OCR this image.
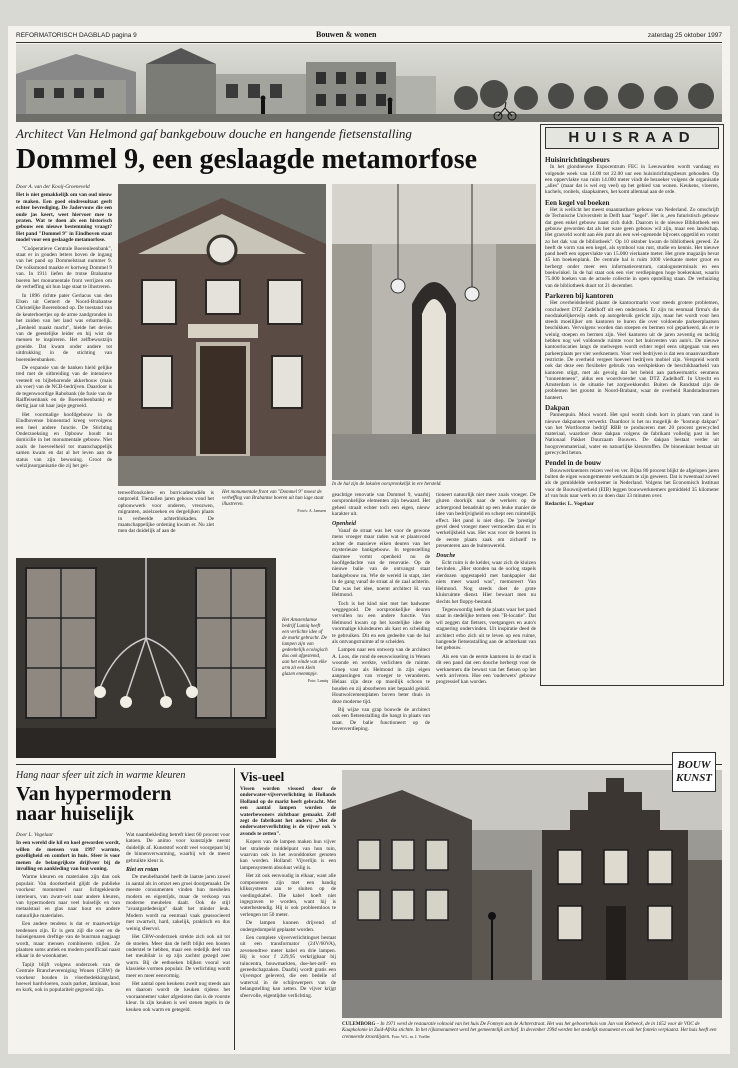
REFORMATORISCH DAGBLAD pagina 9	Bouwen & wonen	zaterdag 25 oktober 1997
Architect Van Helmond gaf bankgebouw douche en hangende fietsenstalling
Dommel 9, een geslaagde metamorfose

Door A. van der Kooij-Groeneveld

Het is niet gemakkelijk om van oud nieuw te maken. Een goed eindresultaat geeft echter bevrediging. De Jadervouw die een oude jas keert, weet hiervoer mee te praten. Wat te doen als een historisch gebouw een nieuwe bestemming vraagt? Het pand "Dommel 9" in Eindhoven staat model voor een geslaagde metamorfose.

"Coöperatieve Centrale Boerenleenbank", staat er in gouden letters boven de ingang van het pand op Dommelstraat nummer 9. De volksmond maakte er kortweg Dommel 9 van. In 1911 liefen de trotse Brabantse boeren het monumentale front verrijzen om de verheffing uit hun lage staat te illustreren.

In 1896 richtte pater Gerlacus van den Elsen uit Gemert de Noord-Brabantse Christelijke Boerenbond op. De toestand van de keuterboertjes op de arme zandgronden in het zuiden van het land was erbarmelijk. „Eenheid maakt macht", hielde het devies van de geestelijke leider en hij wist de mensen te inspireren. Het zelfbewustzijn groeide. Dat kwam onder andere tot uitdrukking in de stichting van boerenleenbanken.

De expansie van de banken hield gelijke tred met de uitbreiding van de intensieve veeteelt en bijbehorende akkerbouw (mais als voer) van de NCB-bedrijven. Daardoor is de tegenwoordige Rabobank (de fusie van de Raiffeisenbank en de Boerenleenbank) er dertig jaar uit haar jasje gegroeid.

Het voormalige hoofdgebouw in de Eindhovense binnenstad kreeg vervolgens een heel andere functie. De Stichting Onderzoeksing en Opbouw houdt nu domicilie in het monumentale gebouw. Niet zoals de hoeveelheid tot maatschappelijk samen kwam en dat al het leven aan de status van zijn bewoning. Groot de welzijnsorganisatie die zij het gei-

In de hal zijn de lokalen oorspronkelijk in ere hersteld.

tenwelfonskolen- en burricadestudiën is ontproeld. Tientallen jaren gebouw vond het opbouwwerk voor onderen, vreozwen, migranten, asielzoeken en dergelijken plaats in verbeelde achterblokaden. De maatschappelijke ordening kwam er. Nu ziet men dat duidelijk af aan de

Het monumentale front van "Dommel 9" moest de verheffing van Brabantse boeren uit hun lage staat illustreren.
Foto's: A. Janssen

geachtige renovatie van Dommel 9, waarbij oorspronkelijke elementen zijn bewaard. Het geheel straalt echter toch een eigen, nieuw karakter uit.

Openheid

Vanaf de straat was het voor de gewone mens vroeger maar raden wat er plaatsvond achter de massieve eiken deuren van het mysterieuze bankgebouw. In tegenstelling daarmee vormt openheid nu de hoofdgedachte van de renovatie. Op de nieuwe balie van de ontvangst staat bankgebouw nu. Wie de wereld in stapt, ziet in de gang vanaf de straat al de zaal achterin. Dat was het idee, noemt architect H. van Helmond.

Toch is het kind niet met het badwater weggegooid. De oorspronkelijke deuren vervullen nu een andere functie. Van Helmond kwam op het kostelijke idee de voormalige kluisdeuren als kast en scheiding te gebruiken. Dit en een gedeelte van de hal als ontvangstruimte af te scheiden.

Lampen naar een ontwerp van de architect A. Loos, die rond de eeuwwisseling in Wenen woonde en werkte, verlichten de ruimte. Groep vast als Helmond in zijn eigen aanpassingen van vroeger te veranderen. Helaas zijn deze op moeilijk schoon te houden en zij absorberen niet bepaald geluid. Houtwolcementplaten boven beter thuis in deze moderne tijd.

Bij wijze van grap bouwde de architect ook een fietsenstalling die hangt in plaats van staat. De balie functioneert op de bovenverdieping.

tioneert natuurlijk niet meer zoals vroeger. De gluren doorkijk naar de werkers op de achtergrond benadrukt op een leuke manier de idee van bedrijvigheid en schept een ruimtelijk effect. Het pand is niet diep. De 'prestige' gevel deed vroeger meer vermoeden dan er in werkelijkheid was. Het was voor de boeren in de eerste plaats zaak om zichzelf te presenteren aan de buitenwereld.

Douche

Echt ruim is de kelder, waar zich de kluizen bevinden. „Hier stonden na de oorlog stapels eierdozen opgestapeld met bankpapier dat niets meer waard was", memoreert Van Helmond. Nog steeds doet de grote kluisruimte dienst. Hier bewaart men nu slechts het floppy-bestand.

Tegenwoordig heeft de plaats waar het pand staat in stedelijke termen een "B-locatie". Dat wil zeggen dat fietsers, voetgangers en auto's stagnering ondervinden. Uit inspiratie deed de architect erbo zich uit te leven op een ruime, hangende fietsenstalling aan de achterkant van het gebouw.

Als een van de eerste kantoren in de stad is dit een pand dat een douche herbergt voor de werknemers die bewust van het fietsen op het werk arriveren. Hoe een 'ouderwets' gebouw progressief kan worden.

Het Amsterdamse bedrijf Lumiq heeft een verlichte idee of de markt gebracht. De lampen zijn van gedeeltelijk ecologisch dus ook afgestemd, aan het einde van elke arm zit een klein glazen enemmpje.
Foto: Lumiq
HUISRAAD
Huisinrichtingsbeurs

In het glondneuwe Expocentrum FEC in Leeuwarden wordt vandaag en volgende week van 14.00 tot 22.00 uur een huisinrichtingsbeurs gehouden. Op een oppervlakte van ruim 14.000 meter vindt de bezoeker volgens de organisatie „alles" (maar dat is wel erg veel) op het gebied van wonen. Keukens, vloeren, kachels, ronbels, slaapkamers, het komt allemaal aan de orde.

Een kegel vol boeken

Het is wellicht het meest onaantastbare gebouw van Nederland. Zo omschrijft de Technische Universiteit in Delft haar "kegel". Het is „een futuristisch gebouw dat geen enkel gebouw naast zich duldt. Daarom is de nieuwe Bibliotheek een gebouw geworden dat als het ware geen gebouw wil zijn, maar een landschap. Het grasveld wordt aan één punt als een wel-ogenende bijvoets opgetild en vormt zo het dak van de bibliotheek". Op 10 oktober kwam de bibliotheek gereed. Ze heeft de vorm van een kegel, als symbool van rust, studie en kennis. Het nieuwe pand heeft een oppervlakte van 15.000 vierkante meter. Het grote magazijn bevat 45 km boekenplank. De centrale hal is ruim 1000 vierkante meter groot en herbergt onder meer een informatiecentrum, catalogusterminals en een boekwinkel. In de hal staat ook een vier verdiepingen hoge boekenkast, waarin 75.000 boeken van de actuele collectie in open opstelling staan. De verhuizing van de bibliotheek duurt tot 21 december.

Parkeren bij kantoren

Het overheidsbeleid plaatst de kantoormarkt voor steeds grotere problemen, concludeert DTZ Zadelhoff uit een onderzoek. Er zijn nu eenmaal firma's die noodzakelijkerwijs sterk op autogebruik gericht zijn, maar het wordt voor hen steeds moeilijker om kantoren te huren die over voldoende parkeerplaatsen beschikken. Vervolgens worden dan stoepen en bermen vol geparkeerd, als er te weinig stoepen en bermen zijn. Veel kantoren uit de jaren zeventig en tachtig hebben nog wel voldoende ruimte voor het huisvesten van auto's. De nieuwe kantoorlocaties langs de snelwegen wordt echter regel eens uitgegaan van een parkeerplaats per vier werknemers. Voor veel bedrijven is dat een onaanvaardbare restrictie. De overheid vergeet hoeveel bedrijven mobiel zijn. Verspreid wordt ook dat deze een flexibeler gebruik van werkplekken de beschikbaarheid van kantoren stijgt, met als gevolg dat het beleid aan parkeermatrix eenmens "tonnenteneen", aldus een woordvoerder van DTZ Zadelhoff. In Utrecht en Amsterdam is de situatie het zorgwekkendst. Buiten de Randstad zijn de problemen het grootst in Noord-Brabant, waar de overheid Randstadnormen hanteert.

Dakpan

Pannenpuin. Mooi woord. Het spul wordt sinds kort in plaats van zand in nieuwe dakpannen verwerkt. Daardoor is het nu mogelijk de "kostuup dakpan" van het Wortfoortse bedrijf RBB te produceren met 20 procent gerecycled materiaal, waardoor deze dakpan volgens de fabrikant volledig past in het Nationaal Pakket Duurzaam Bouwen. De dakpan bestaat verder uit hoogovenmateriaal, water en natuurlijke kleurstoffen. De binnenkant bestaat uit gerecycled beton.

Pendel in de bouw

Bouwwerknemers reizen veel en ver. Bijna 80 procent blijkt de afgelopen jaren buiten de eigen woongemeente werkzaam te zijn geweest. Dat is tweemaal zoveel als de gemiddelde werknemer in Nederland. Volgens het Economisch Instituut voor de Bouwnijverheid (EIB) leggen bouwwerknemers gemiddeld 35 kilometer af van huis naar werk en zo doen daar 33 minuten over.

Redactie: L. Vogelaar

Hang naar sfeer uit zich in warme kleuren
Van hypermodern
naar huiselijk

Door L. Vogelaar

In een wereld die kil en koel geworden wordt, willen de mensen van 1997 warmte, gezelligheid en comfort in huis. Sfeer is voor menen de belangrijkste drijfveer bij de invulling en aankleding van hun woning.

Warme kleuren en materialen zijn dan ook populair. Van doorkerheid glijdt de publieke voorkeur momenteel naar lichtgekleurde interieurs, van zwart-wit naar andere kleuren, van hypermodern naar veel huiselijk en van metaalstaal en glas naar hout en andere natuurlijke materialen.

Een andere tendens is dat er maatwerkige tendensen zijn. Er is gem zijl die ooer en de huiseigenaren dreftige van de buurman nagjaagt wordt, maar mensen combineren stijlen. Ze plaatsen soms antiek en modern pontificaal naast elkaar in de woonkamer.

Tapijt blijft volgens onderzoek van de Centrale Branchevereniging Wonen (CBW) de voorkeur houden in vloerbedekkingsland, hoewel hardvloeren, zoals parket, laminaat, hout en kurk, ook in populariteit gegroeid zijn.

Wat naambekleding betreft kiest 60 procent voor katoen. De animo voor kunstzijde neemt duidelijk af. Kunststof wordt veel voorgepast bij de binnenverwarming, waarbij wit de meest gebruikte kleur is.

Riet en rotan

De meubelhandel heeft de laatste jaren zowel in aantal als in omzet een groei doorgemaakt. De meeste consumenten vinden hun meubelen modern en eigentijds, maar de verkoop van moderne meubelen daalt. Ook de stijl "avantgardedesign" daalt het minder leuk. Modern wordt na eenmaal vaak geassocieerd met zwartwit, hard, zakelijk, praktisch en dus weinig sfeervol.

Het CBW-onderzoek strekte zich ook uit tot de stoelen. Meer dan de helft blijkt een houten onderstel te hebben, maar een redelijk deel van het meubilair is op zijn zachtst gezegd zeer warm. Bij de eethoeken blijken vooral wat klassieke vormen populair. De verlichting wordt meer en meer eenvormig.

Het aantal open keukens zwelt nog steeds aan en daarom wordt de keuken tijdens het vooraannemer vaker afgesloten dan is de voorste kleur. In zijn keuken is wel stenen tegels in de keuken ook warm en getegeld.

Vis-ueel

Vissen worden vissoed door de onderwater-vijververlichting in Hollands Holland op de markt heeft gebracht. Met een aantal lampen worden de waterbewoners zichtbaar gemaakt. Zelf zegt de fabrikant het anders: „Met de onderwaterverlichting is de vijver ook 's avonds te zetten".

Kopers van de lampen maken hun vijver het stralende middelpunt van hun tuin, waarvan ook in het avonddonker genoten kan worden. Holland: Vijverlijn is een lampensysteem absoluut veilig is.

Het zit ook eenvoudig in elkaar, want alle componenten zijn met een handig klikssysteem aan te sluiten op de voedingskabel. Die kabel hoeft niet ingegraven te worden, want hij is waterbestendig. Hij is ook probleemloos te verlengen tot 50 meter.

De lampen kunnen drijvend of ondergedompeld geplaatst worden.

Een complete vijververlichtingset bestaat uit een transformator (24V/60VA), zevenendtwe meter kabel en drie lampen. Hij is voor f 229,95 verkrijgbaar bij tuincentra, bouwmarkten, doe-het-zelf- en gereedschapzaken. Daarbij wordt gratis een vijverspot geleverd, die een bedelle of waterval in de schijnwerpers van de belangstelling kan zetten. De vijver krijgt sfeervolle, eigentijdse verlichting.

BOUW
KUNST
CULEMBORG – In 1971 werd de restauratie voltooid van het huis De Fonteyn aan de Achterstraat. Het was het geboortehuis van Jan van Riebeeck, de in 1652 voor de VOC de Kaapkolonie in Zuid-Afrika stichtte. In het rijksmonument werd het gemeentelijk archief. In december 1994 werden het stedelijk monument en ook het fontein verplaatst. Het huis heeft een crenneerde kroonlijsten. Foto: W.L. m. J. Voeller
